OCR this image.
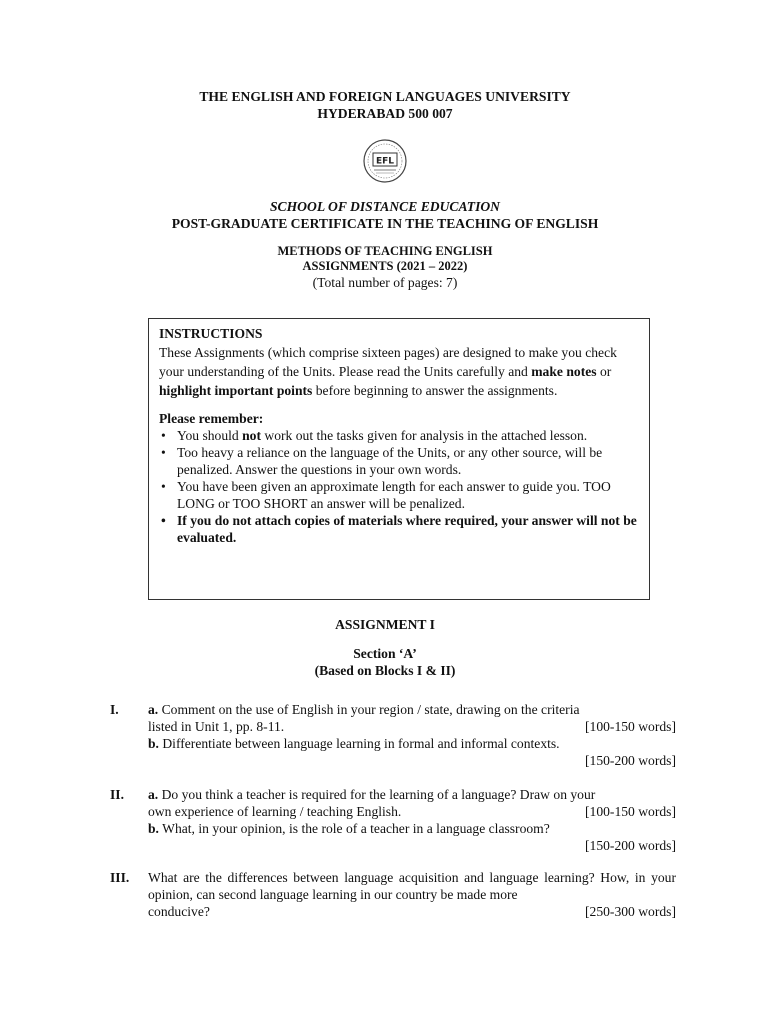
THE ENGLISH AND FOREIGN LANGUAGES UNIVERSITY
HYDERABAD 500 007
EFL
SCHOOL OF DISTANCE EDUCATION
POST-GRADUATE CERTIFICATE IN THE TEACHING OF ENGLISH
METHODS OF TEACHING ENGLISH
ASSIGNMENTS (2021 – 2022)
(Total number of pages: 7)
INSTRUCTIONS

These Assignments (which comprise sixteen pages) are designed to make you check your understanding of the Units. Please read the Units carefully and make notes or highlight important points before beginning to answer the assignments.

Please remember:
• You should not work out the tasks given for analysis in the attached lesson.
• Too heavy a reliance on the language of the Units, or any other source, will be penalized. Answer the questions in your own words.
• You have been given an approximate length for each answer to guide you. TOO LONG or TOO SHORT an answer will be penalized.
• If you do not attach copies of materials where required, your answer will not be evaluated.
ASSIGNMENT I
Section ‘A’
(Based on Blocks I & II)
I. a. Comment on the use of English in your region / state, drawing on the criteria
listed in Unit 1, pp. 8-11.	[100-150 words]
b. Differentiate between language learning in formal and informal contexts.
[150-200 words]
II. a. Do you think a teacher is required for the learning of a language? Draw on your
own experience of learning / teaching English.	[100-150 words]
b. What, in your opinion, is the role of a teacher in a language classroom?
[150-200 words]
III. What are the differences between language acquisition and language learning? How, in your opinion, can second language learning in our country be made more
conducive?	[250-300 words]
